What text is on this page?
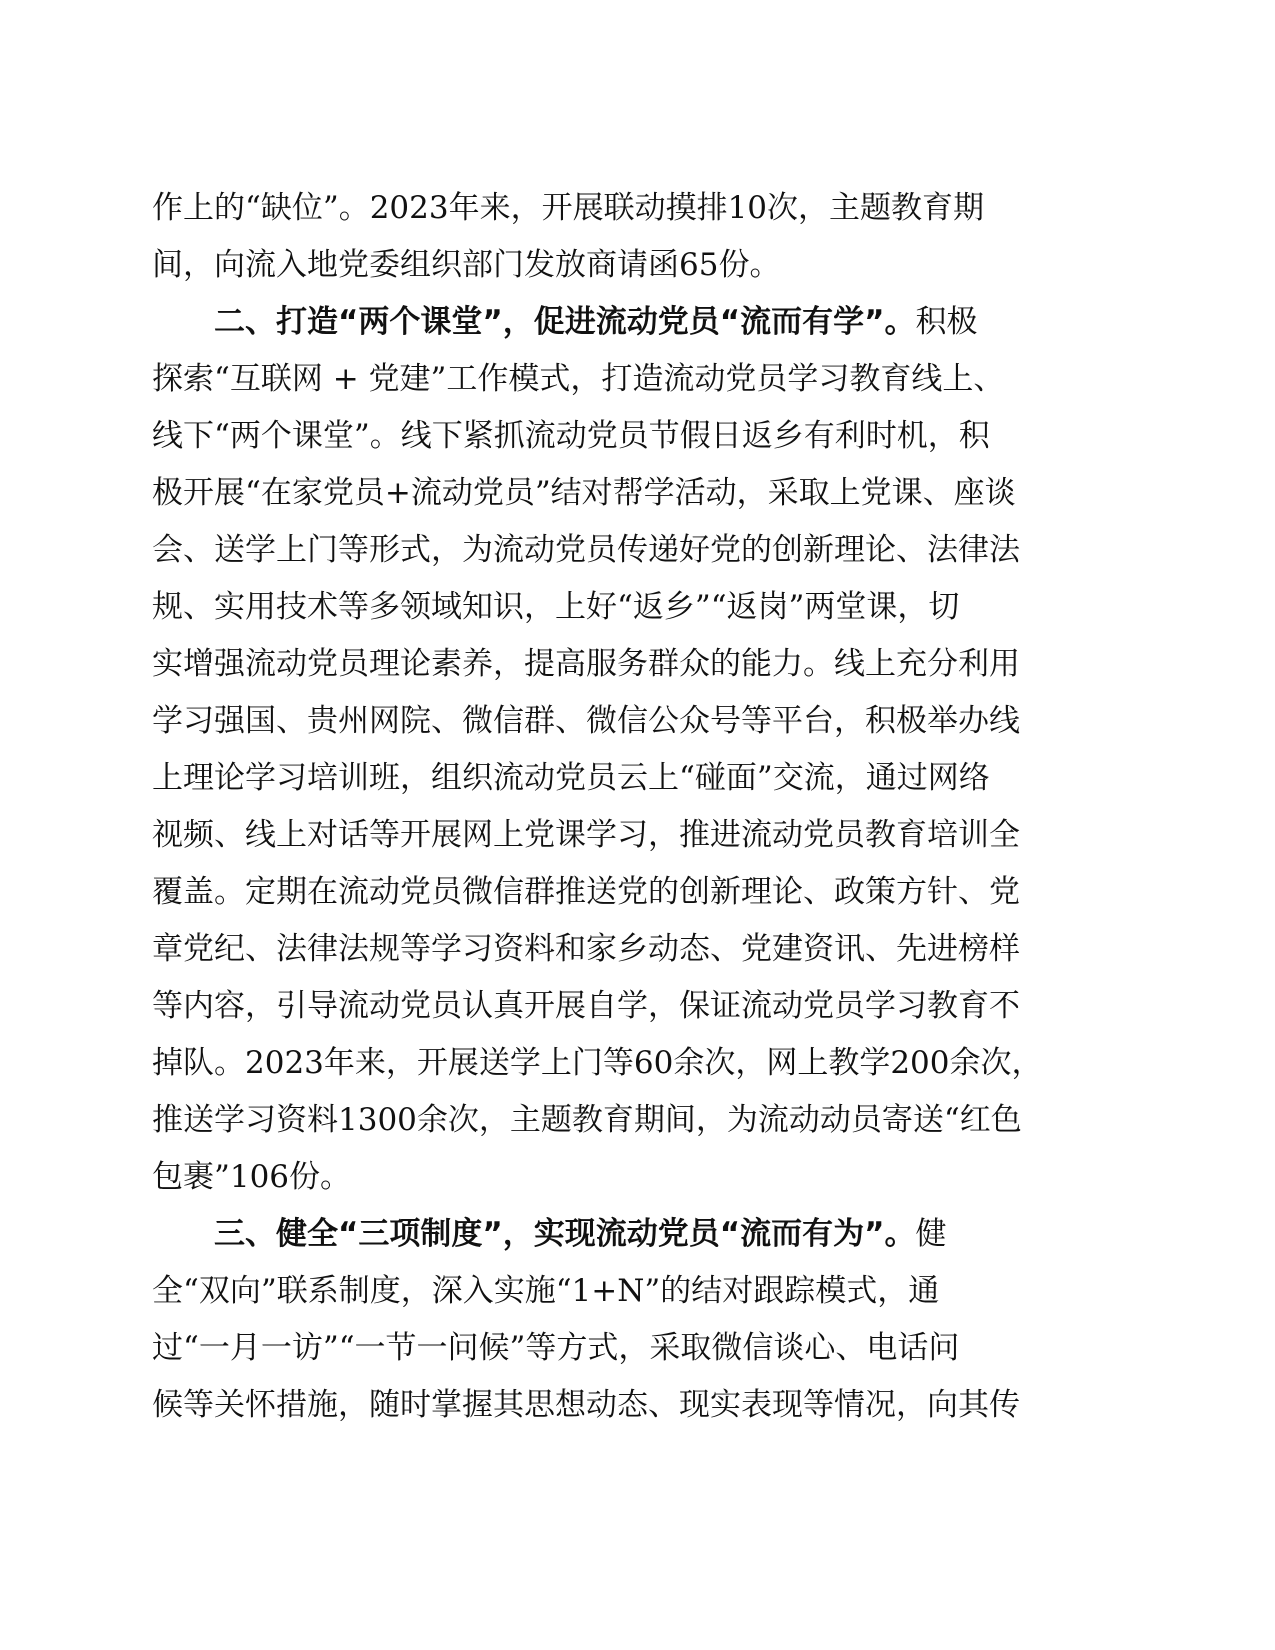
作上的“缺位”。2023年来，开展联动摸排10次，主题教育期
间，向流入地党委组织部门发放商请函65份。
二、打造“两个课堂”，促进流动党员“流而有学”。积极
探索“互联网 + 党建”工作模式，打造流动党员学习教育线上、
线下“两个课堂”。线下紧抓流动党员节假日返乡有利时机，积
极开展“在家党员+流动党员”结对帮学活动，采取上党课、座谈
会、送学上门等形式，为流动党员传递好党的创新理论、法律法
规、实用技术等多领域知识，上好“返乡”“返岗”两堂课，切
实增强流动党员理论素养，提高服务群众的能力。线上充分利用
学习强国、贵州网院、微信群、微信公众号等平台，积极举办线
上理论学习培训班，组织流动党员云上“碰面”交流，通过网络
视频、线上对话等开展网上党课学习，推进流动党员教育培训全
覆盖。定期在流动党员微信群推送党的创新理论、政策方针、党
章党纪、法律法规等学习资料和家乡动态、党建资讯、先进榜样
等内容，引导流动党员认真开展自学，保证流动党员学习教育不
掉队。2023年来，开展送学上门等60余次，网上教学200余次，
推送学习资料1300余次，主题教育期间，为流动动员寄送“红色
包裹”106份。
三、健全“三项制度”，实现流动党员“流而有为”。健
全“双向”联系制度，深入实施“1+N”的结对跟踪模式，通
过“一月一访”“一节一问候”等方式，采取微信谈心、电话问
候等关怀措施，随时掌握其思想动态、现实表现等情况，向其传
